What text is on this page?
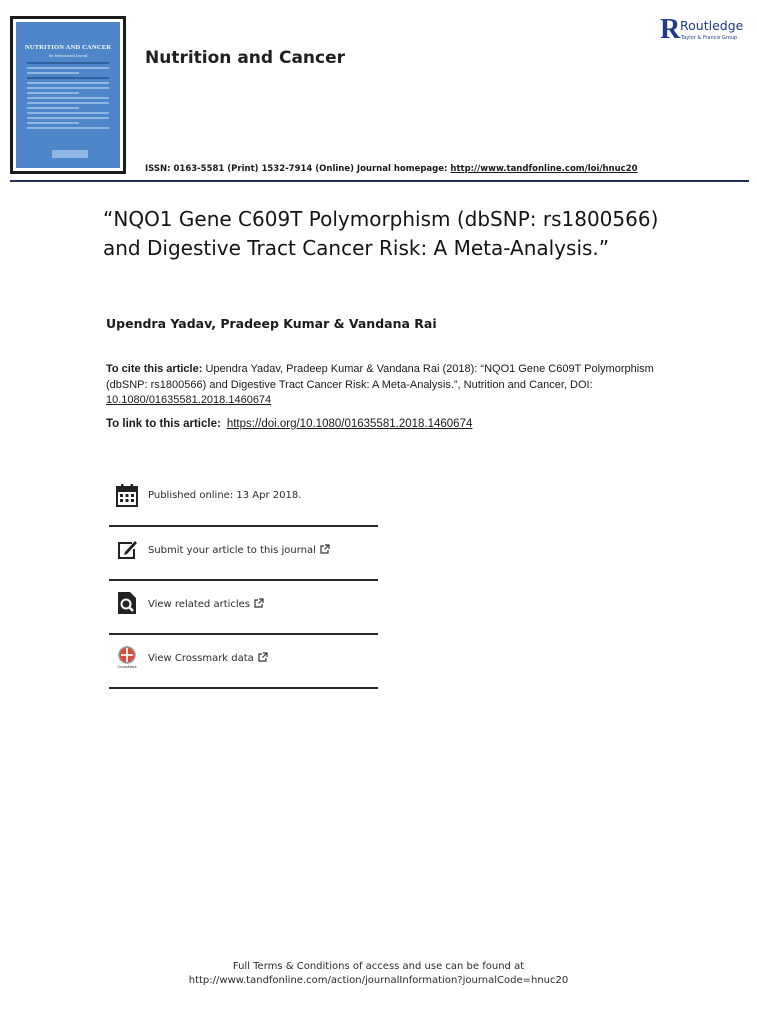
NUTRITION AND CANCER
An International Journal	Nutrition and Cancer
ISSN: 0163-5581 (Print) 1532-7914 (Online) Journal homepage: http://www.tandfonline.com/loi/hnuc20
R Routledge
Taylor & Francis Group
“NQO1 Gene C609T Polymorphism (dbSNP: rs1800566) and Digestive Tract Cancer Risk: A Meta-Analysis.”
Upendra Yadav, Pradeep Kumar & Vandana Rai

To cite this article: Upendra Yadav, Pradeep Kumar & Vandana Rai (2018): “NQO1 Gene C609T Polymorphism (dbSNP: rs1800566) and Digestive Tract Cancer Risk: A Meta-Analysis.”, Nutrition and Cancer, DOI: 10.1080/01635581.2018.1460674

To link to this article: https://doi.org/10.1080/01635581.2018.1460674

Published online: 13 Apr 2018.
Submit your article to this journal
View related articles
CrossMark
View Crossmark data
Full Terms & Conditions of access and use can be found at
http://www.tandfonline.com/action/journalInformation?journalCode=hnuc20
